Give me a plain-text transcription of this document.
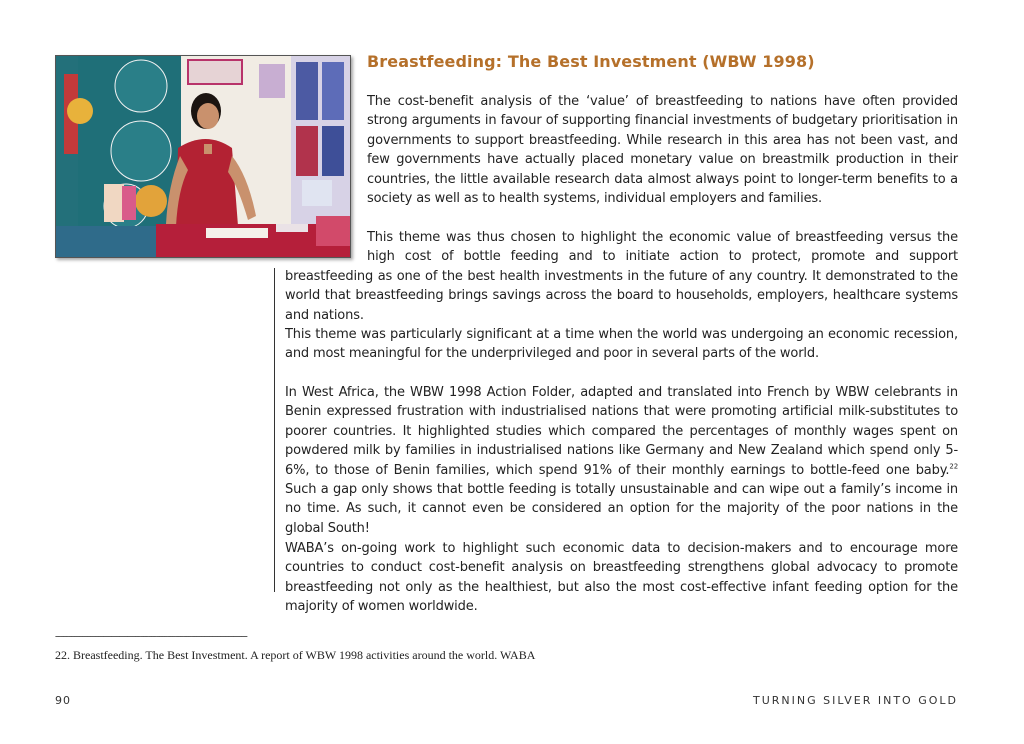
Breastfeeding: The Best Investment (WBW 1998)

The cost-benefit analysis of the ‘value’ of breastfeeding to nations have often provided strong arguments in favour of supporting financial investments of budgetary prioritisation in governments to support breastfeeding. While research in this area has not been vast, and few governments have actually placed monetary value on breastmilk production in their countries, the little available research data almost always point to longer-term benefits to a society as well as to health systems, individual employers and families.

This theme was thus chosen to highlight the economic value of breastfeeding versus the high cost of bottle feeding and to initiate action to protect, promote and support breastfeeding as one of the best health investments in the future of any country. It demonstrated to the world that breastfeeding brings savings across the board to households, employers, healthcare systems and nations.

This theme was particularly significant at a time when the world was undergoing an economic recession, and most meaningful for the underprivileged and poor in several parts of the world.

In West Africa, the WBW 1998 Action Folder, adapted and translated into French by WBW celebrants in Benin expressed frustration with industrialised nations that were promoting artificial milk-substitutes to poorer countries. It highlighted studies which compared the percentages of monthly wages spent on powdered milk by families in industrialised nations like Germany and New Zealand which spend only 5-6%, to those of Benin families, which spend 91% of their monthly earnings to bottle-feed one baby.$^{22}$ Such a gap only shows that bottle feeding is totally unsustainable and can wipe out a family’s income in no time. As such, it cannot even be considered an option for the majority of the poor nations in the global South!

WABA’s on-going work to highlight such economic data to decision-makers and to encourage more countries to conduct cost-benefit analysis on breastfeeding strengthens global advocacy to promote breastfeeding not only as the healthiest, but also the most cost-effective infant feeding option for the majority of women worldwide.

------------------------------------------------------------------------

22. Breastfeeding. The Best Investment. A report of WBW 1998 activities around the world. WABA

90	TURNING SILVER INTO GOLD
